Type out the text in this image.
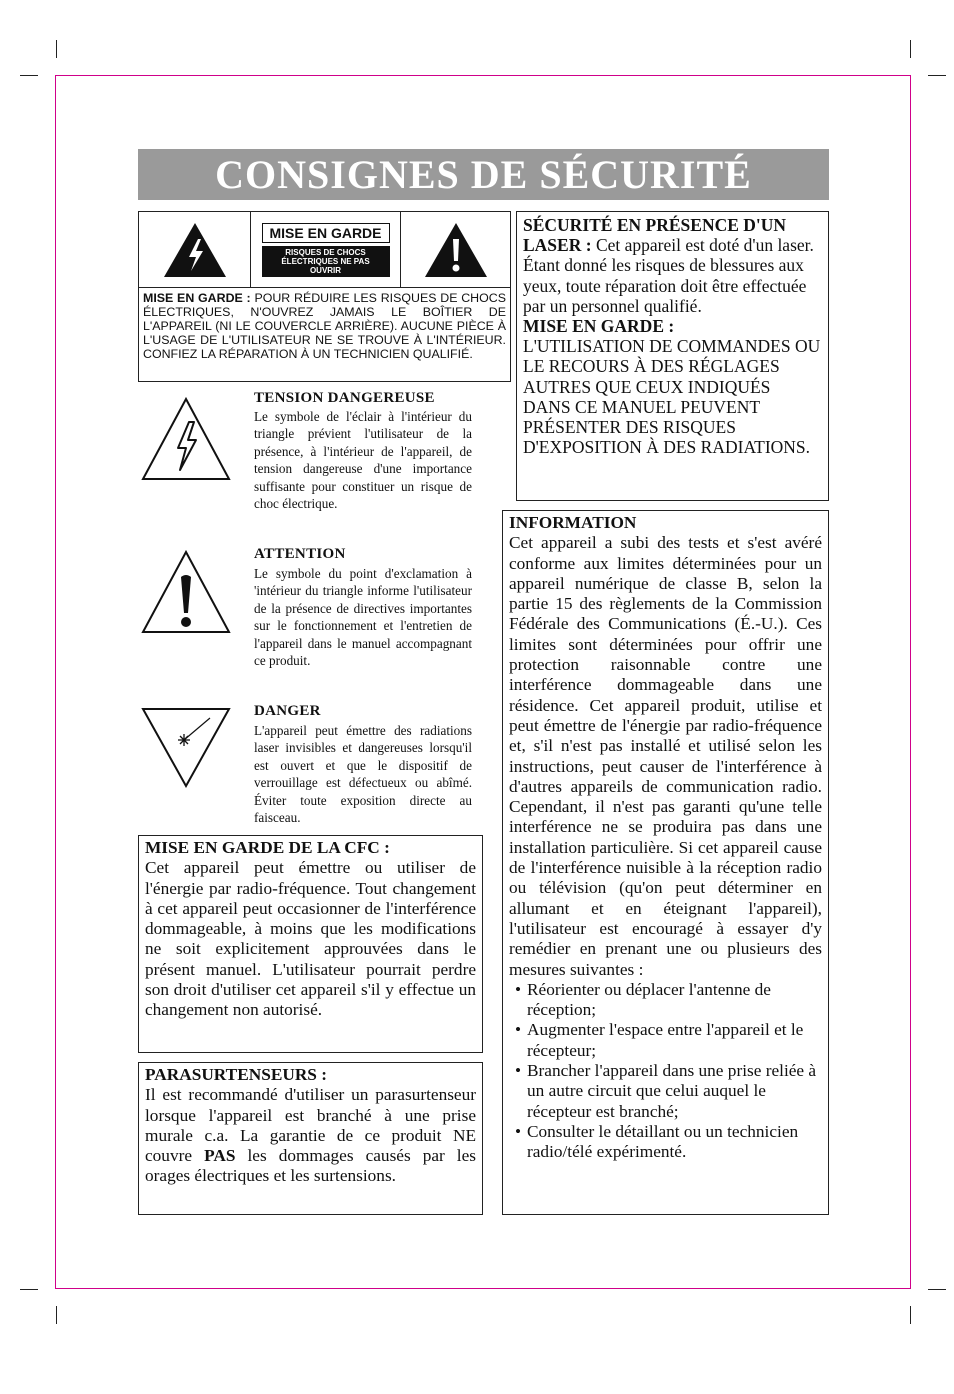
CONSIGNES DE SÉCURITÉ
MISE EN GARDE
RISQUES DE CHOCS ÉLECTRIQUES NE PAS OUVRIR
MISE EN GARDE : POUR RÉDUIRE LES RISQUES DE CHOCS ÉLECTRIQUES, N'OUVREZ JAMAIS LE BOÎTIER DE L'APPAREIL (NI LE COUVERCLE ARRIÈRE). AUCUNE PIÈCE À L'USAGE DE L'UTILISATEUR NE SE TROUVE À L'INTÉRIEUR. CONFIEZ LA RÉPARATION À UN TECHNICIEN QUALIFIÉ.
TENSION DANGEREUSE
Le symbole de l'éclair à l'intérieur du triangle prévient l'utilisateur de la présence, à l'intérieur de l'appareil, de tension dangereuse d'une importance suffisante pour constituer un risque de choc électrique.
ATTENTION
Le symbole du point d'exclamation à 'intérieur du triangle informe l'utilisateur de la présence de directives importantes sur le fonctionnement et l'entretien de l'appareil dans le manuel accompagnant ce produit.
DANGER
L'appareil peut émettre des radiations laser invisibles et dangereuses lorsqu'il est ouvert et que le dispositif de verrouillage est défectueux ou abîmé. Éviter toute exposition directe au faisceau.
SÉCURITÉ EN PRÉSENCE D'UN LASER : Cet appareil est doté d'un laser. Étant donné les risques de blessures aux yeux, toute réparation doit être effectuée par un personnel qualifié.
MISE EN GARDE :
L'UTILISATION DE COMMANDES OU LE RECOURS À DES RÉGLAGES AUTRES QUE CEUX INDIQUÉS DANS CE MANUEL PEUVENT PRÉSENTER DES RISQUES D'EXPOSITION À DES RADIATIONS.
INFORMATION
Cet appareil a subi des tests et s'est avéré conforme aux limites déterminées pour un appareil numérique de classe B, selon la partie 15 des règlements de la Commission Fédérale des Communications (É.-U.). Ces limites sont déterminées pour offrir une protection raisonnable contre une interférence dommageable dans une résidence. Cet appareil produit, utilise et peut émettre de l'énergie par radio-fréquence et, s'il n'est pas installé et utilisé selon les instructions, peut causer de l'interférence à d'autres appareils de communication radio. Cependant, il n'est pas garanti qu'une telle interférence ne se produira pas dans une installation particulière. Si cet appareil cause de l'interférence nuisible à la réception radio ou télévision (qu'on peut déterminer en allumant et en éteignant l'appareil), l'utilisateur est encouragé à essayer d'y remédier en prenant une ou plusieurs des mesures suivantes :
• Réorienter ou déplacer l'antenne de réception;
• Augmenter l'espace entre l'appareil et le récepteur;
• Brancher l'appareil dans une prise reliée à un autre circuit que celui auquel le récepteur est branché;
• Consulter le détaillant ou un technicien radio/télé expérimenté.
MISE EN GARDE DE LA CFC :
Cet appareil peut émettre ou utiliser de l'énergie par radio-fréquence. Tout changement à cet appareil peut occasionner de l'interférence dommageable, à moins que les modifications ne soit explicitement approuvées dans le présent manuel. L'utilisateur pourrait perdre son droit d'utiliser cet appareil s'il y effectue un changement non autorisé.
PARASURTENSEURS :
Il est recommandé d'utiliser un parasurtenseur lorsque l'appareil est branché à une prise murale c.a. La garantie de ce produit NE couvre PAS les dommages causés par les orages électriques et les surtensions.
